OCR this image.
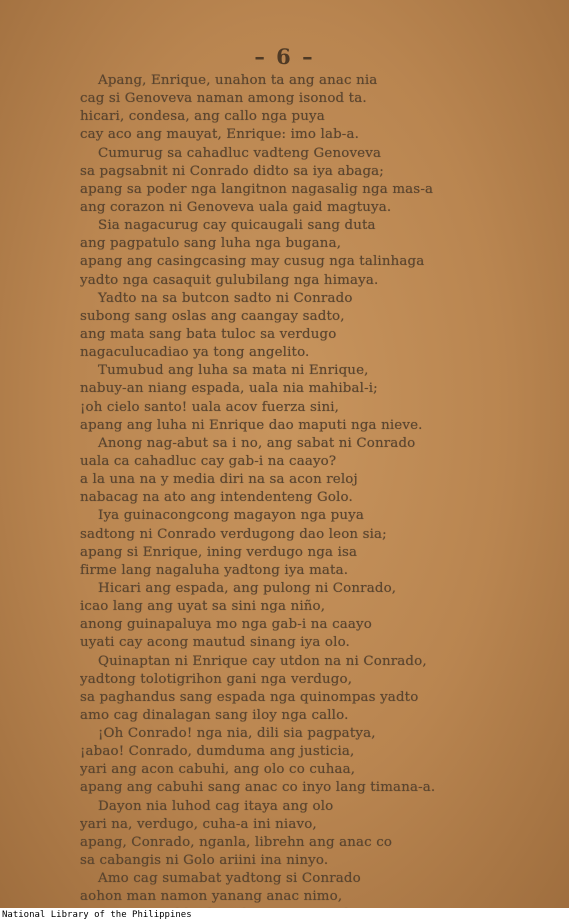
– 6 –
Apang, Enrique, unahon ta ang anac nia
cag si Genoveva naman among isonod ta.
hicari, condesa, ang callo nga puya
cay aco ang mauyat, Enrique: imo lab-a.
Cumurug sa cahadluc vadteng Genoveva
sa pagsabnit ni Conrado didto sa iya abaga;
apang sa poder nga langitnon nagasalig nga mas-a
ang corazon ni Genoveva uala gaid magtuya.
Sia nagacurug cay quicaugali sang duta
ang pagpatulo sang luha nga bugana,
apang ang casingcasing may cusug nga talinhaga
yadto nga casaquit gulubilang nga himaya.
Yadto na sa butcon sadto ni Conrado
subong sang oslas ang caangay sadto,
ang mata sang bata tuloc sa verdugo
nagaculucadiao ya tong angelito.
Tumubud ang luha sa mata ni Enrique,
nabuy-an niang espada, uala nia mahibal-i;
¡oh cielo santo! uala acov fuerza sini,
apang ang luha ni Enrique dao maputi nga nieve.
Anong nag-abut sa i no, ang sabat ni Conrado
uala ca cahadluc cay gab-i na caayo?
a la una na y media diri na sa acon reloj
nabacag na ato ang intendenteng Golo.
Iya guinacongcong magayon nga puya
sadtong ni Conrado verdugong dao leon sia;
apang si Enrique, ining verdugo nga isa
firme lang nagaluha yadtong iya mata.
Hicari ang espada, ang pulong ni Conrado,
icao lang ang uyat sa sini nga niño,
anong guinapaluya mo nga gab-i na caayo
uyati cay acong mautud sinang iya olo.
Quinaptan ni Enrique cay utdon na ni Conrado,
yadtong tolotigrihon gani nga verdugo,
sa paghandus sang espada nga quinompas yadto
amo cag dinalagan sang iloy nga callo.
¡Oh Conrado! nga nia, dili sia pagpatya,
¡abao! Conrado, dumduma ang justicia,
yari ang acon cabuhi, ang olo co cuhaa,
apang ang cabuhi sang anac co inyo lang timana-a.
Dayon nia luhod cag itaya ang olo
yari na, verdugo, cuha-a ini niavo,
apang, Conrado, nganla, librehn ang anac co
sa cabangis ni Golo ariini ina ninyo.
Amo cag sumabat yadtong si Conrado
aohon man namon yanang anac nimo,
National Library of the Philippines
